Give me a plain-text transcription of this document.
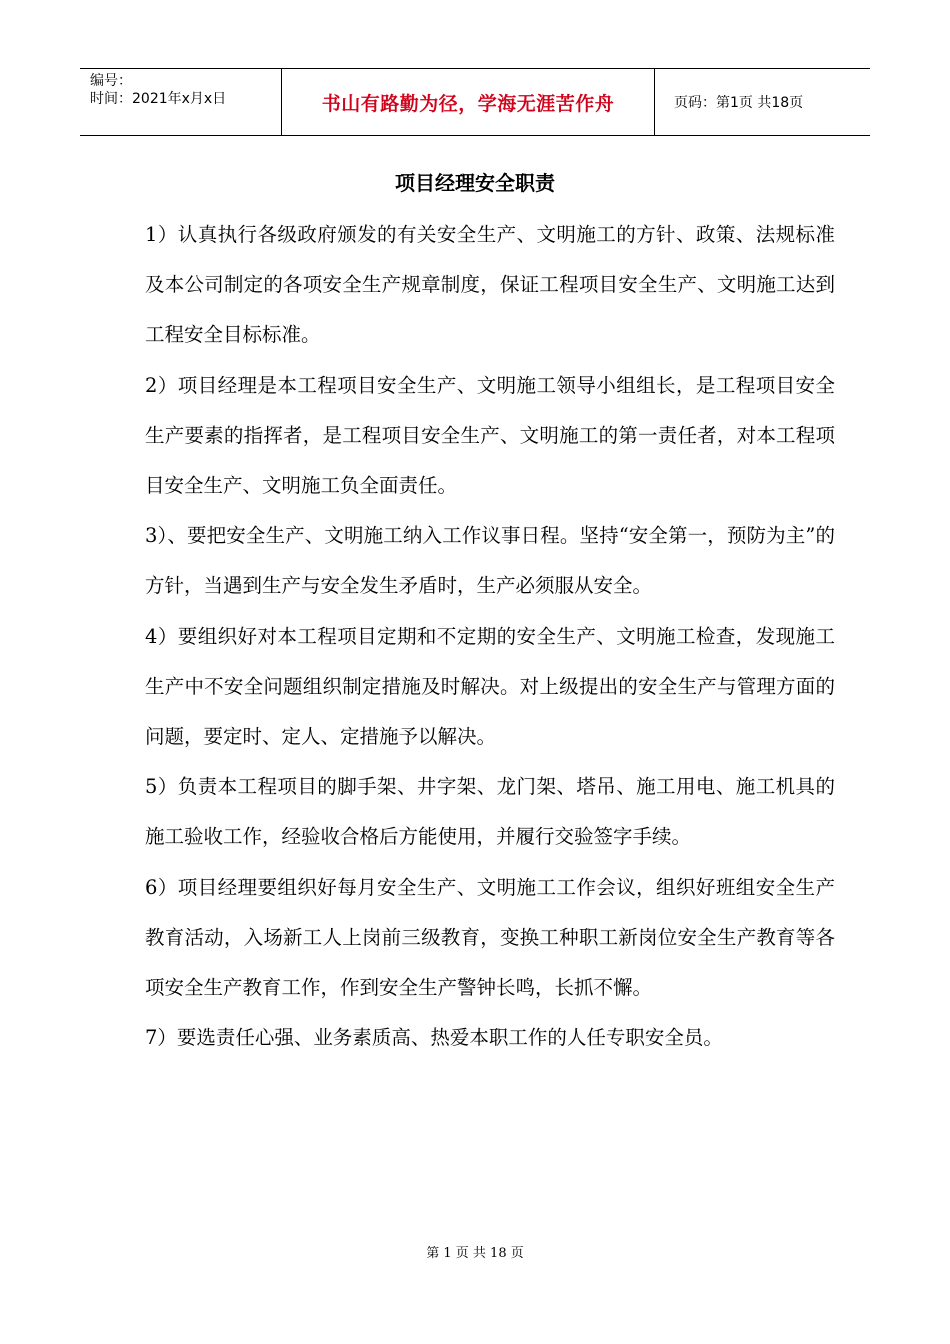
编号：
时间：2021年x月x日	书山有路勤为径，学海无涯苦作舟	页码：第1页 共18页
项目经理安全职责

1）认真执行各级政府颁发的有关安全生产、文明施工的方针、政策、法规标准及本公司制定的各项安全生产规章制度，保证工程项目安全生产、文明施工达到工程安全目标标准。

2）项目经理是本工程项目安全生产、文明施工领导小组组长，是工程项目安全生产要素的指挥者，是工程项目安全生产、文明施工的第一责任者，对本工程项目安全生产、文明施工负全面责任。

3）、要把安全生产、文明施工纳入工作议事日程。坚持“安全第一，预防为主”的方针，当遇到生产与安全发生矛盾时，生产必须服从安全。

4）要组织好对本工程项目定期和不定期的安全生产、文明施工检查，发现施工生产中不安全问题组织制定措施及时解决。对上级提出的安全生产与管理方面的问题，要定时、定人、定措施予以解决。

5）负责本工程项目的脚手架、井字架、龙门架、塔吊、施工用电、施工机具的施工验收工作，经验收合格后方能使用，并履行交验签字手续。

6）项目经理要组织好每月安全生产、文明施工工作会议，组织好班组安全生产教育活动，入场新工人上岗前三级教育，变换工种职工新岗位安全生产教育等各项安全生产教育工作，作到安全生产警钟长鸣，长抓不懈。

7）要选责任心强、业务素质高、热爱本职工作的人任专职安全员。

第 1 页 共 18 页
